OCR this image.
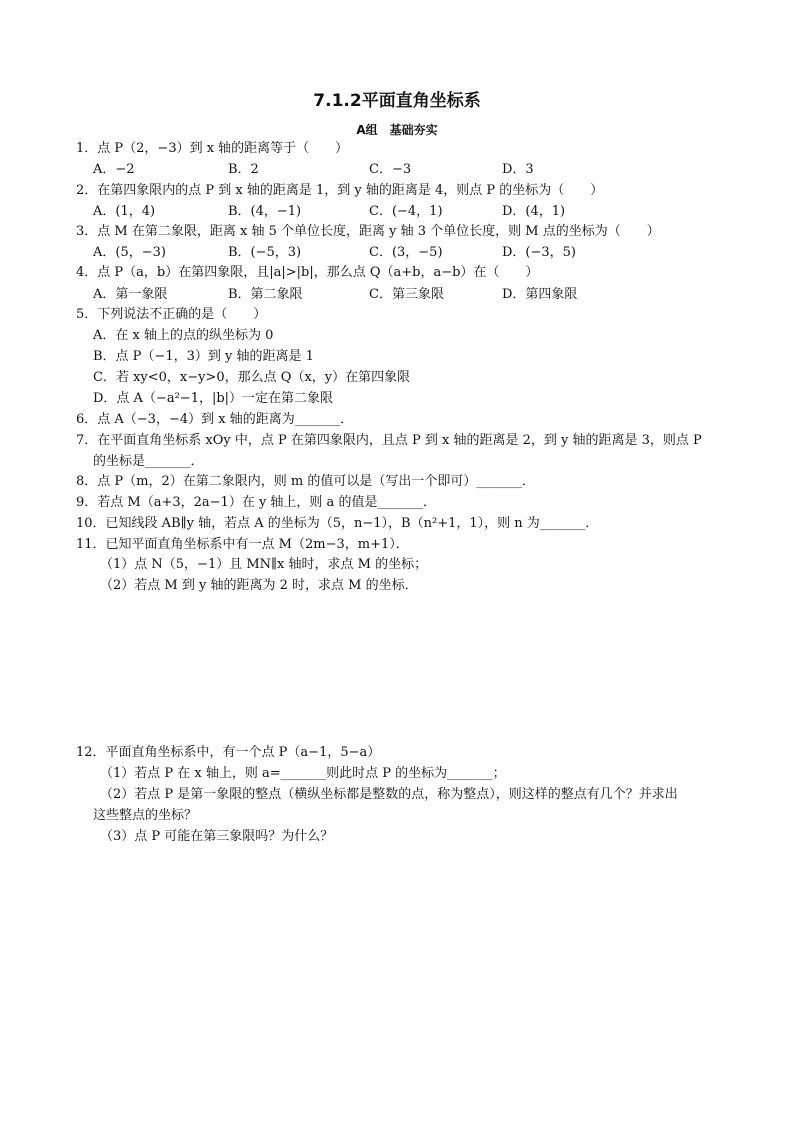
7.1.2平面直角坐标系
A组　基础夯实
1．点 P（2，−3）到 x 轴的距离等于（　　）
A．−2	B．2	C．−3	D．3
2．在第四象限内的点 P 到 x 轴的距离是 1，到 y 轴的距离是 4，则点 P 的坐标为（　　）
A．(1，4)	B．(4，−1)	C．(−4，1)	D．(4，1)
3．点 M 在第二象限，距离 x 轴 5 个单位长度，距离 y 轴 3 个单位长度，则 M 点的坐标为（　　）
A．(5，−3)	B．(−5，3)	C．(3，−5)	D．(−3，5)
4．点 P（a，b）在第四象限，且|a|>|b|，那么点 Q（a+b，a−b）在（　　）
A．第一象限	B．第二象限	C．第三象限	D．第四象限
5．下列说法不正确的是（　　）
A．在 x 轴上的点的纵坐标为 0
B．点 P（−1，3）到 y 轴的距离是 1
C．若 xy<0，x−y>0，那么点 Q（x，y）在第四象限
D．点 A（−a²−1，|b|）一定在第二象限
6．点 A（−3，−4）到 x 轴的距离为_______．
7．在平面直角坐标系 xOy 中，点 P 在第四象限内，且点 P 到 x 轴的距离是 2，到 y 轴的距离是 3，则点 P
的坐标是_______．
8．点 P（m，2）在第二象限内，则 m 的值可以是（写出一个即可）_______．
9．若点 M（a+3，2a−1）在 y 轴上，则 a 的值是_______．
10．已知线段 AB∥y 轴，若点 A 的坐标为（5，n−1），B（n²+1，1），则 n 为_______．
11．已知平面直角坐标系中有一点 M（2m−3，m+1）．
（1）点 N（5，−1）且 MN∥x 轴时，求点 M 的坐标；
（2）若点 M 到 y 轴的距离为 2 时，求点 M 的坐标．
12．平面直角坐标系中，有一个点 P（a−1，5−a）
（1）若点 P 在 x 轴上，则 a=_______则此时点 P 的坐标为_______；
（2）若点 P 是第一象限的整点（横纵坐标都是整数的点，称为整点），则这样的整点有几个？并求出
这些整点的坐标？
（3）点 P 可能在第三象限吗？为什么？
